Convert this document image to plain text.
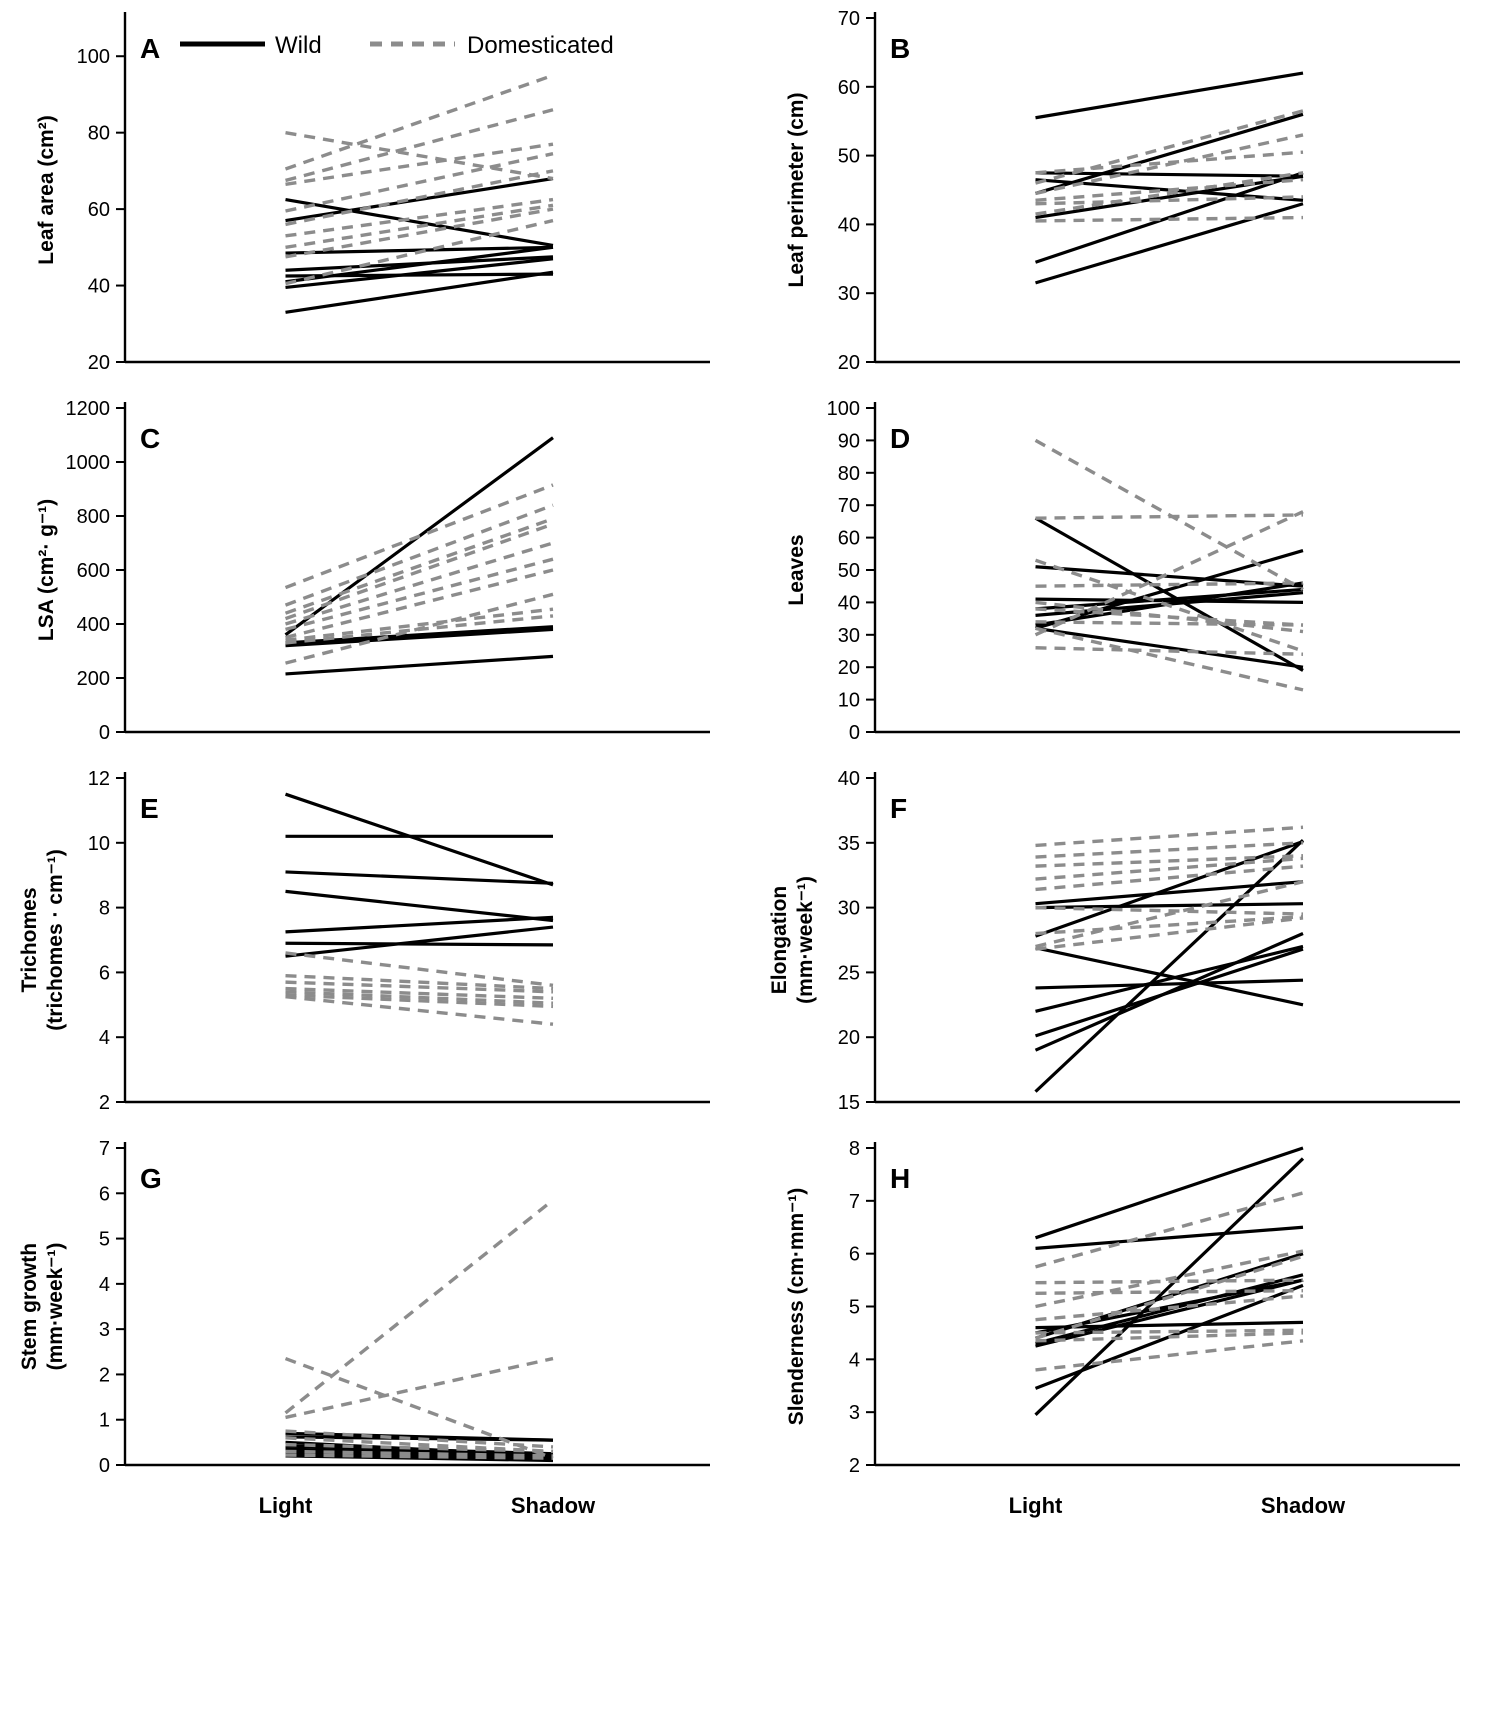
20
40
60
80
100 A
Leaf area (cm²)
Wild	Domesticated
20
30
40
50
60
70
B
Leaf perimeter (cm)
0
200
400
600
800
1000
1200
C
LSA (cm²· g⁻¹)
0
10
20
30
40
50
60
70
80
90
100
D
Leaves
2
4
6
8
10
12
E
Trichomes (trichomes · cm⁻¹)
15
20
25
30
35
40
F
Elongation (mm·week⁻¹)
0
1
2
3
4
5
6
7
G
Stem growth (mm·week⁻¹)
Light	Shadow
2
3
4
5
6
7
8
H
Slenderness (cm·mm⁻¹)
Light	Shadow
